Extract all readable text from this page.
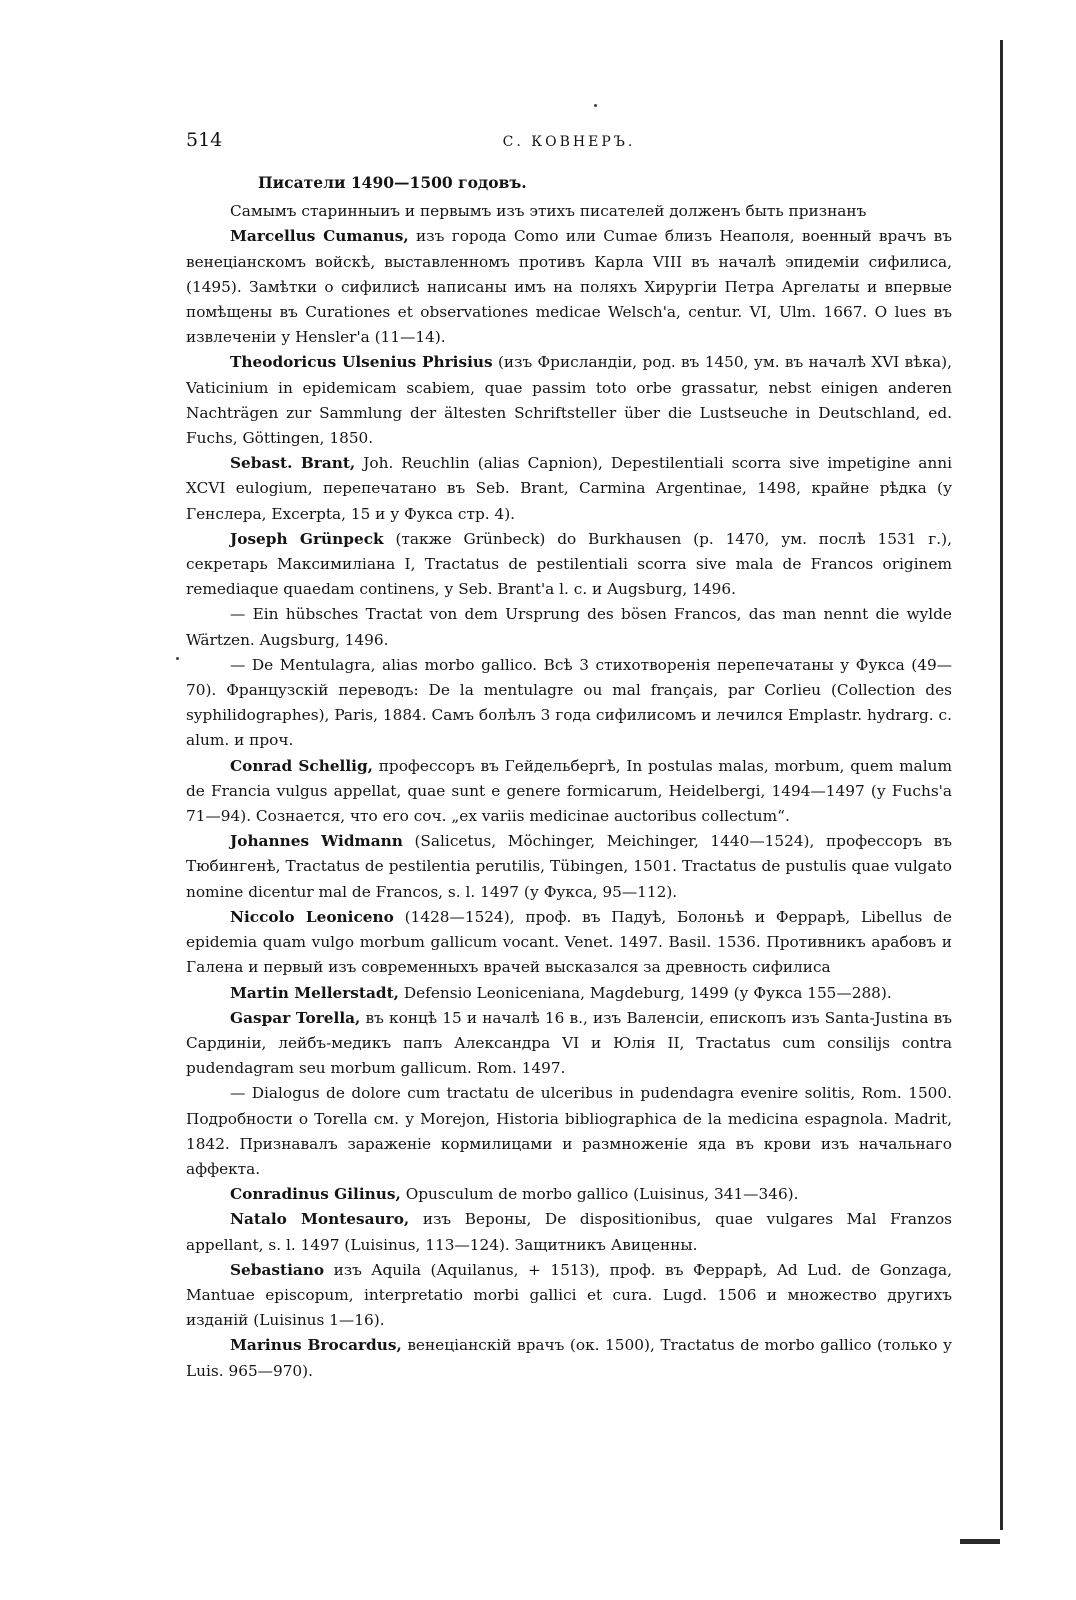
514	С. КОВНЕРЪ.
Писатели 1490—1500 годовъ.

Самымъ старинныиъ и первымъ изъ этихъ писателей долженъ быть признанъ

Marcellus Cumanus, изъ города Como или Cumae близъ Неаполя, военный врачъ въ венеціанскомъ войскѣ, выставленномъ противъ Карла VIII въ началѣ эпидеміи сифилиса, (1495). Замѣтки о сифилисѣ написаны имъ на поляхъ Хирургіи Петра Аргелаты и впервые помѣщены въ Curationes et observationes medicae Welsch'a, centur. VI, Ulm. 1667. O lues въ извлеченіи у Hensler'а (11—14).

Theodoricus Ulsenius Phrisius (изъ Фрисландіи, род. въ 1450, ум. въ началѣ XVI вѣка), Vaticinium in epidemicam scabiem, quae passim toto orbe grassatur, nebst einigen anderen Nachträgen zur Sammlung der ältesten Schriftsteller über die Lustseuche in Deutschland, ed. Fuchs, Göttingen, 1850.

Sebast. Brant, Joh. Reuchlin (alias Capnion), Depestilentiali scorra sive impetigine anni XCVI eulogium, перепечатано въ Seb. Brant, Carmina Argentinae, 1498, крайне рѣдка (у Генслера, Excerpta, 15 и у Фукса стр. 4).

Joseph Grünpeck (также Grünbeck) do Burkhausen (р. 1470, ум. послѣ 1531 г.), секретарь Максимиліана I, Tractatus de pestilentiali scorra sive mala de Francos originem remediaque quaedam continens, у Seb. Brant'а l. c. и Augsburg, 1496.

— Ein hübsches Tractat von dem Ursprung des bösen Francos, das man nennt die wylde Wärtzen. Augsburg, 1496.

— De Mentulagra, alias morbo gallico. Всѣ 3 стихотворенія перепечатаны у Фукса (49—70). Французскій переводъ: De la mentulagre ou mal français, par Corlieu (Collection des syphilidographes), Paris, 1884. Самъ болѣлъ 3 года сифилисомъ и лечился Emplastr. hydrarg. c. alum. и проч.

Conrad Schellig, профессоръ въ Гейдельбергѣ, In postulas malas, morbum, quem malum de Francia vulgus appellat, quae sunt e genere formicarum, Heidelbergi, 1494—1497 (у Fuchs'а 71—94). Сознается, что его соч. „ex variis medicinae auctoribus collectum“.

Johannes Widmann (Salicetus, Möchinger, Meichinger, 1440—1524), профессоръ въ Тюбингенѣ, Tractatus de pestilentia perutilis, Tübingen, 1501. Tractatus de pustulis quae vulgato nomine dicentur mal de Francos, s. l. 1497 (у Фукса, 95—112).

Niccolo Leoniceno (1428—1524), проф. въ Падуѣ, Болоньѣ и Феррарѣ, Libellus de epidemia quam vulgo morbum gallicum vocant. Venet. 1497. Basil. 1536. Противникъ арабовъ и Галена и первый изъ современныхъ врачей высказался за древность сифилиса

Martin Mellerstadt, Defensio Leoniceniana, Magdeburg, 1499 (у Фукса 155—288).

Gaspar Torella, въ концѣ 15 и началѣ 16 в., изъ Валенсіи, епископъ изъ Santa-Justina въ Сардиніи, лейбъ-медикъ папъ Александра VI и Юлія II, Tractatus cum consilijs contra pudendagram seu morbum gallicum. Rom. 1497.

— Dialogus de dolore cum tractatu de ulceribus in pudendagra evenire solitis, Rom. 1500. Подробности о Torella см. у Morejon, Historia bibliographica de la medicina espagnola. Madrit, 1842. Признавалъ зараженіе кормилицами и размноженіе яда въ крови изъ начальнаго аффекта.

Conradinus Gilinus, Opusculum de morbo gallico (Luisinus, 341—346).

Natalo Montesauro, изъ Вероны, De dispositionibus, quae vulgares Mal Franzos appellant, s. l. 1497 (Luisinus, 113—124). Защитникъ Авиценны.

Sebastiano изъ Aquila (Aquilanus, + 1513), проф. въ Феррарѣ, Ad Lud. de Gonzaga, Mantuae episcopum, interpretatio morbi gallici et cura. Lugd. 1506 и множество другихъ изданій (Luisinus 1—16).

Marinus Brocardus, венеціанскій врачъ (ок. 1500), Tractatus de morbo gallico (только у Luis. 965—970).
